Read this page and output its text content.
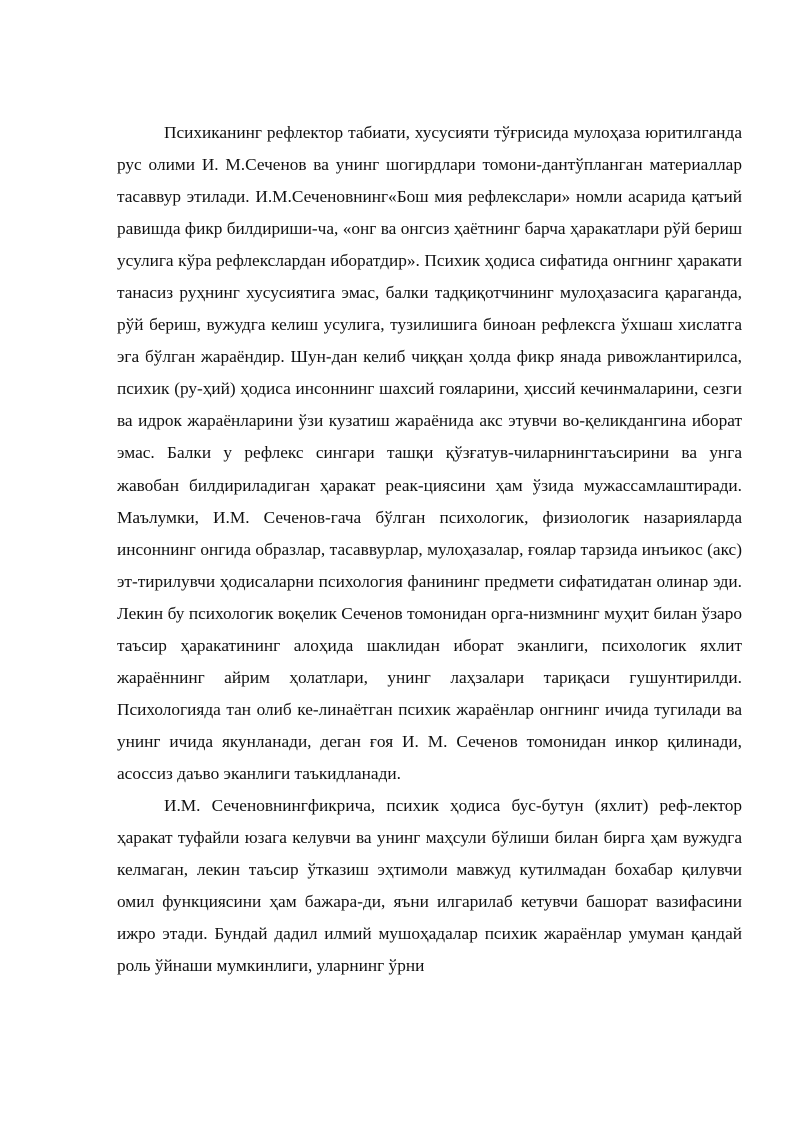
Психиканинг рефлектор табиати, хусусияти тўғрисида мулоҳаза юритилганда рус олими И. М.Сеченов ва унинг шогирдлари томони-дантўпланган материаллар тасаввур этилади. И.М.Сеченовнинг«Бош мия рефлекслари» номли асарида қатъий равишда фикр билдириши-ча, «онг ва онгсиз ҳаётнинг барча ҳаракатлари рўй бериш усулига кўра рефлекслардан иборатдир». Психик ҳодиса сифатида онгнинг ҳаракати танасиз руҳнинг хусусиятига эмас, балки тадқиқотчининг мулоҳазасига қараганда, рўй бериш, вужудга келиш усулига, тузилишига биноан рефлексга ўхшаш хислатга эга бўлган жараёндир. Шун-дан келиб чиққан ҳолда фикр янада ривожлантирилса, психик (ру-ҳий) ҳодиса инсоннинг шахсий гояларини, ҳиссий кечинмаларини, сезги ва идрок жараёнларини ўзи кузатиш жараёнида акс этувчи во-қеликдангина иборат эмас. Балки у рефлекс сингари ташқи қўзғатув-чиларнингтаъсирини ва унга жавобан билдириладиган ҳаракат реак-циясини ҳам ўзида мужассамлаштиради. Маълумки, И.М. Сеченов-гача бўлган психологик, физиологик назарияларда инсоннинг онгида образлар, тасаввурлар, мулоҳазалар, ғоялар тарзида инъикос (акс) эт-тирилувчи ҳодисаларни психология фанининг предмети сифатидатан олинар эди. Лекин бу психологик воқелик Сеченов томонидан орга-низмнинг муҳит билан ўзаро таъсир ҳаракатининг алоҳида шаклидан иборат эканлиги, психологик яхлит жараённинг айрим ҳолатлари, унинг лаҳзалари тариқаси гушунтирилди. Психологияда тан олиб ке-линаётган психик жараёнлар онгнинг ичида тугилади ва унинг ичида якунланади, деган ғоя И. М. Сеченов томонидан инкор қилинади, асоссиз даъво эканлиги таъкидланади.

И.М. Сеченовнингфикрича, психик ҳодиса бус-бутун (яхлит) реф-лектор ҳаракат туфайли юзага келувчи ва унинг маҳсули бўлиши билан бирга ҳам вужудга келмаган, лекин таъсир ўтказиш эҳтимоли мавжуд кутилмадан бохабар қилувчи омил функциясини ҳам бажара-ди, яъни илгарилаб кетувчи башорат вазифасини ижро этади. Бундай дадил илмий мушоҳадалар психик жараёнлар умуман қандай роль ўйнаши мумкинлиги, уларнинг ўрни
